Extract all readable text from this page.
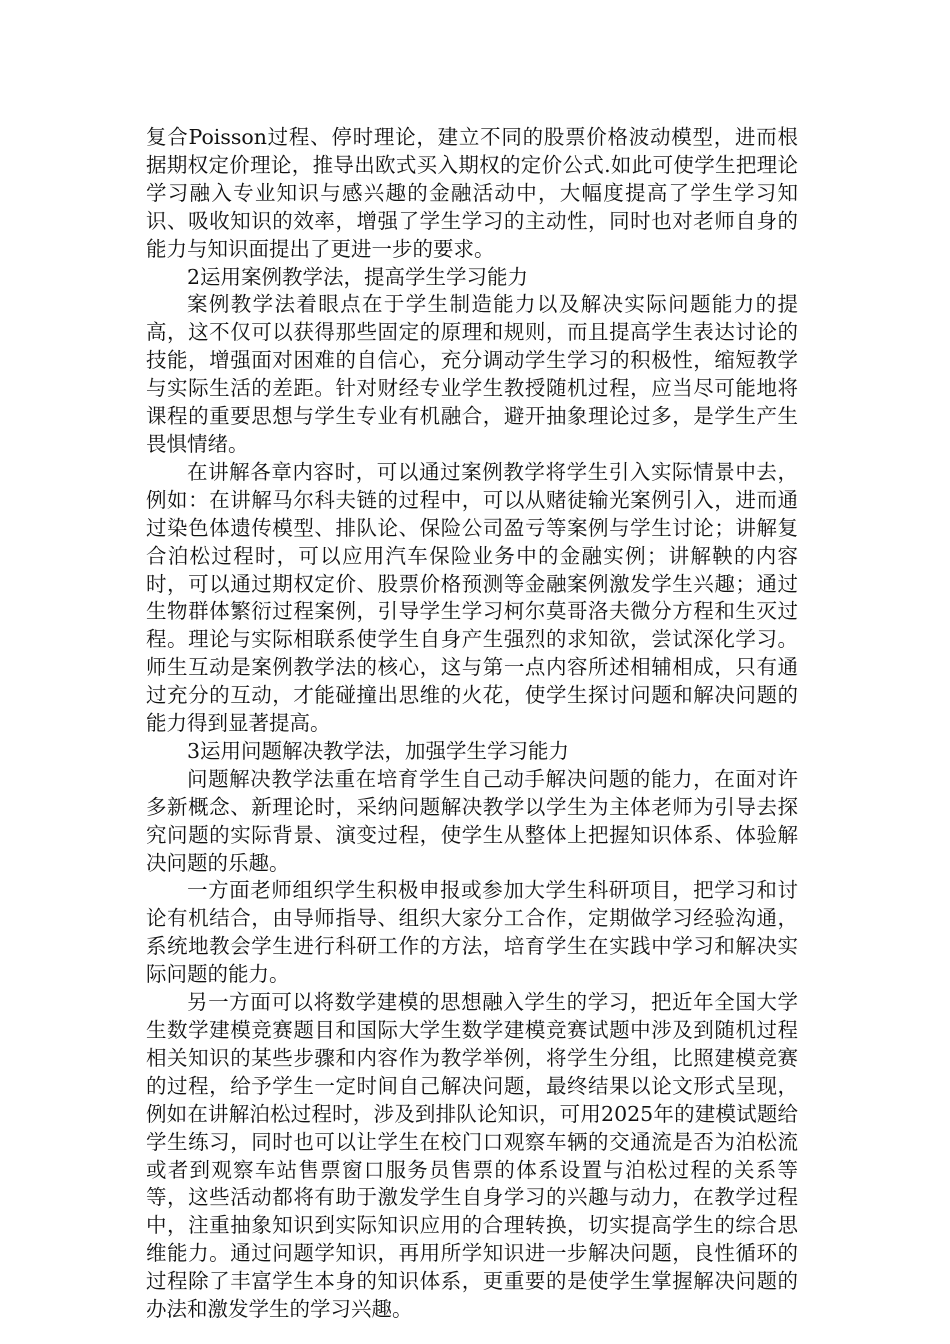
复合Poisson过程、停时理论，建立不同的股票价格波动模型，进而根据期权定价理论，推导出欧式买入期权的定价公式.如此可使学生把理论学习融入专业知识与感兴趣的金融活动中，大幅度提高了学生学习知识、吸收知识的效率，增强了学生学习的主动性，同时也对老师自身的能力与知识面提出了更进一步的要求。

2运用案例教学法，提高学生学习能力

案例教学法着眼点在于学生制造能力以及解决实际问题能力的提高，这不仅可以获得那些固定的原理和规则，而且提高学生表达讨论的技能，增强面对困难的自信心，充分调动学生学习的积极性，缩短教学与实际生活的差距。针对财经专业学生教授随机过程，应当尽可能地将课程的重要思想与学生专业有机融合，避开抽象理论过多，是学生产生畏惧情绪。

在讲解各章内容时，可以通过案例教学将学生引入实际情景中去，例如：在讲解马尔科夫链的过程中，可以从赌徒输光案例引入，进而通过染色体遗传模型、排队论、保险公司盈亏等案例与学生讨论；讲解复合泊松过程时，可以应用汽车保险业务中的金融实例；讲解鞅的内容时，可以通过期权定价、股票价格预测等金融案例激发学生兴趣；通过生物群体繁衍过程案例，引导学生学习柯尔莫哥洛夫微分方程和生灭过程。理论与实际相联系使学生自身产生强烈的求知欲，尝试深化学习。师生互动是案例教学法的核心，这与第一点内容所述相辅相成，只有通过充分的互动，才能碰撞出思维的火花，使学生探讨问题和解决问题的能力得到显著提高。

3运用问题解决教学法，加强学生学习能力

问题解决教学法重在培育学生自己动手解决问题的能力，在面对许多新概念、新理论时，采纳问题解决教学以学生为主体老师为引导去探究问题的实际背景、演变过程，使学生从整体上把握知识体系、体验解决问题的乐趣。

一方面老师组织学生积极申报或参加大学生科研项目，把学习和讨论有机结合，由导师指导、组织大家分工合作，定期做学习经验沟通，系统地教会学生进行科研工作的方法，培育学生在实践中学习和解决实际问题的能力。

另一方面可以将数学建模的思想融入学生的学习，把近年全国大学生数学建模竞赛题目和国际大学生数学建模竞赛试题中涉及到随机过程相关知识的某些步骤和内容作为教学举例，将学生分组，比照建模竞赛的过程，给予学生一定时间自己解决问题，最终结果以论文形式呈现，例如在讲解泊松过程时，涉及到排队论知识，可用2025年的建模试题给学生练习，同时也可以让学生在校门口观察车辆的交通流是否为泊松流或者到观察车站售票窗口服务员售票的体系设置与泊松过程的关系等等，这些活动都将有助于激发学生自身学习的兴趣与动力，在教学过程中，注重抽象知识到实际知识应用的合理转换，切实提高学生的综合思维能力。通过问题学知识，再用所学知识进一步解决问题，良性循环的过程除了丰富学生本身的知识体系，更重要的是使学生掌握解决问题的办法和激发学生的学习兴趣。
